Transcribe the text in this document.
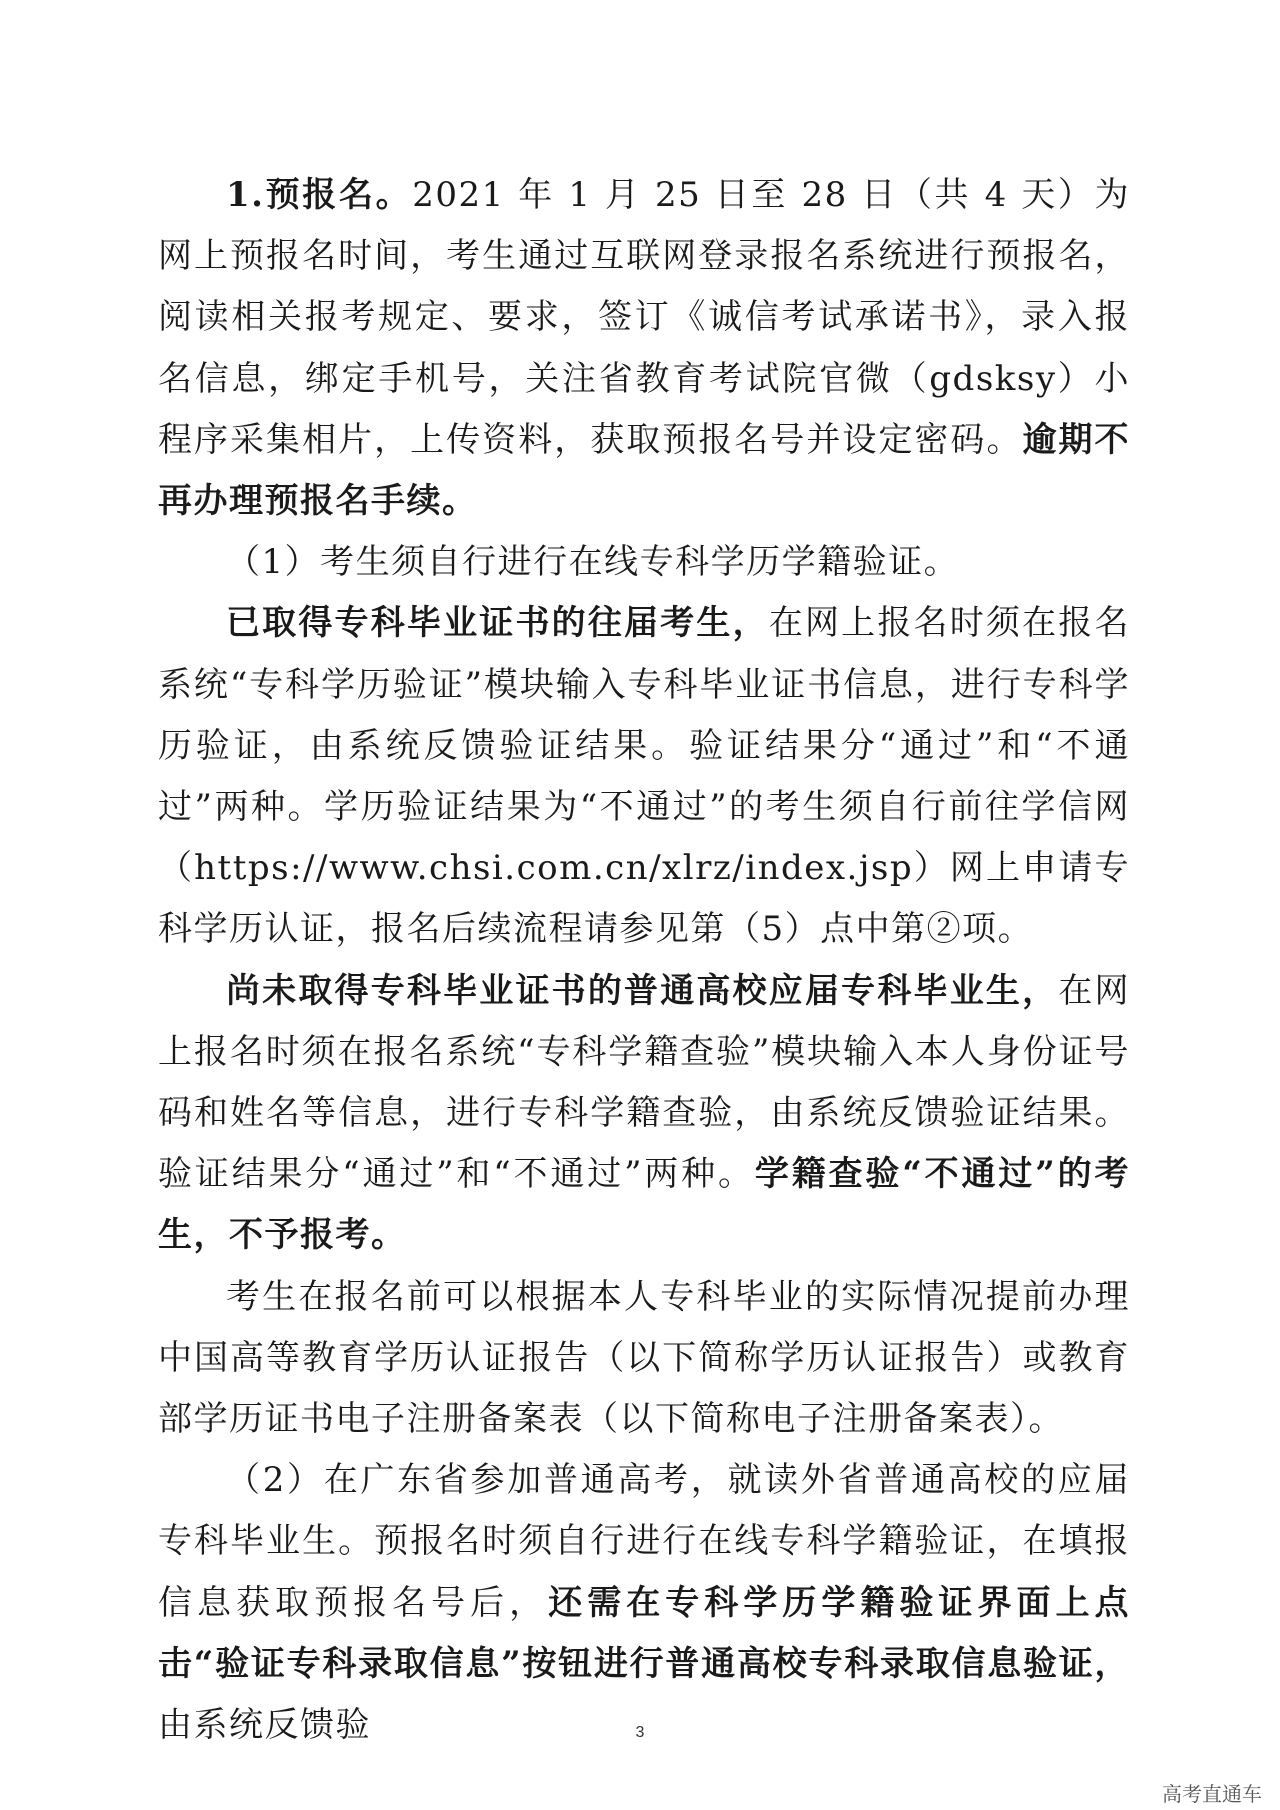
1.预报名。2021 年 1 月 25 日至 28 日（共 4 天）为网上预报名时间，考生通过互联网登录报名系统进行预报名，阅读相关报考规定、要求，签订《诚信考试承诺书》，录入报名信息，绑定手机号，关注省教育考试院官微（gdsksy）小程序采集相片，上传资料，获取预报名号并设定密码。逾期不再办理预报名手续。

（1）考生须自行进行在线专科学历学籍验证。

已取得专科毕业证书的往届考生，在网上报名时须在报名系统“专科学历验证”模块输入专科毕业证书信息，进行专科学历验证，由系统反馈验证结果。验证结果分“通过”和“不通过”两种。学历验证结果为“不通过”的考生须自行前往学信网（https://www.chsi.com.cn/xlrz/index.jsp）网上申请专科学历认证，报名后续流程请参见第（5）点中第②项。

尚未取得专科毕业证书的普通高校应届专科毕业生，在网上报名时须在报名系统“专科学籍查验”模块输入本人身份证号码和姓名等信息，进行专科学籍查验，由系统反馈验证结果。验证结果分“通过”和“不通过”两种。学籍查验“不通过”的考生，不予报考。

考生在报名前可以根据本人专科毕业的实际情况提前办理中国高等教育学历认证报告（以下简称学历认证报告）或教育部学历证书电子注册备案表（以下简称电子注册备案表）。

（2）在广东省参加普通高考，就读外省普通高校的应届专科毕业生。预报名时须自行进行在线专科学籍验证，在填报信息获取预报名号后，还需在专科学历学籍验证界面上点击“验证专科录取信息”按钮进行普通高校专科录取信息验证，由系统反馈验	3
高考直通车
